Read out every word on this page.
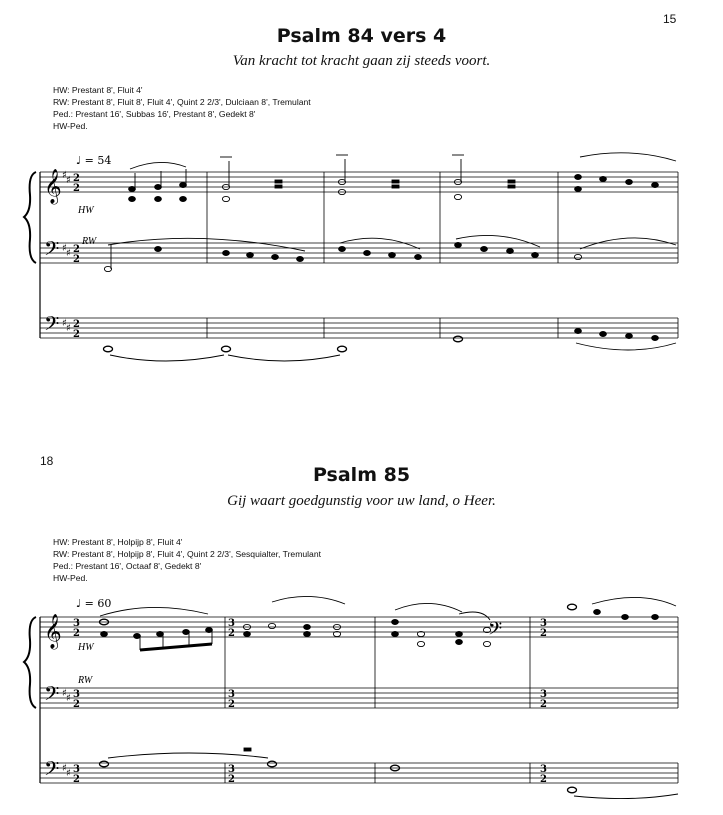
15
Psalm 84 vers 4
Van kracht tot kracht gaan zij steeds voort.
HW: Prestant 8', Fluit 4'
RW: Prestant 8', Fluit 8', Fluit 4', Quint 2 2/3', Dulciaan 8', Tremulant
Ped.: Prestant 16', Subbas 16', Prestant 8', Gedekt 8'
HW-Ped.
𝄞
𝄢
𝄢
♯ ♯
♯ ♯
♯ ♯
2
2
2
2
2
2
♩ = 54
HW
RW
18
Psalm 85
Gij waart goedgunstig voor uw land, o Heer.
HW: Prestant 8', Holpijp 8', Fluit 4'
RW: Prestant 8', Holpijp 8', Fluit 4', Quint 2 2/3', Sesquialter, Tremulant
Ped.: Prestant 16', Octaaf 8', Gedekt 8'
HW-Ped.
𝄞
𝄢
𝄢
𝄢
♯ ♯
♯ ♯
3
2
3
2
3
2
3
2
3
2
3
2
3
2
3
2
3
2
♩ = 60
HW
RW
